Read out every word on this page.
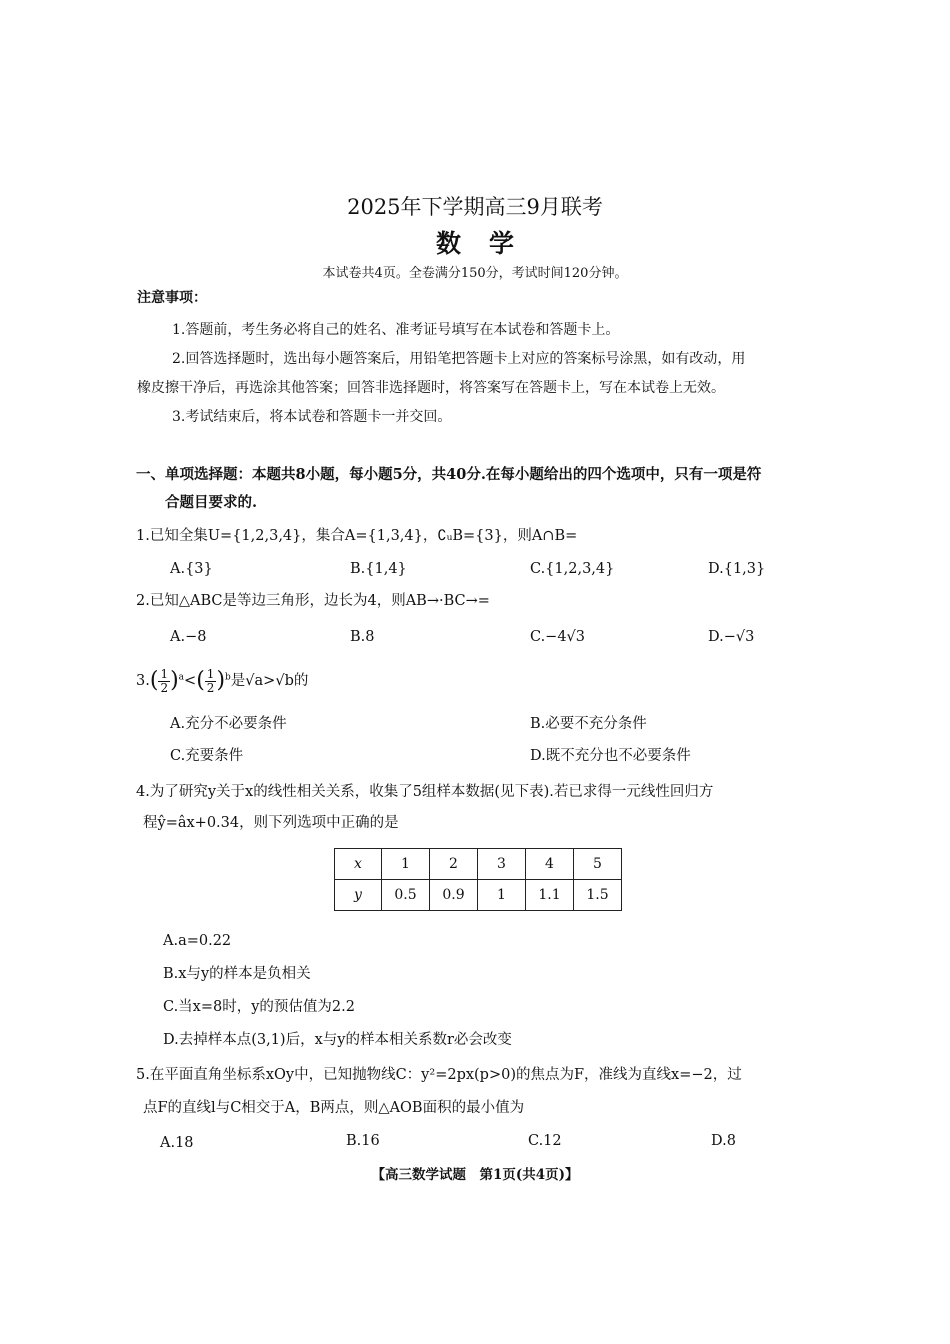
2025年下学期高三9月联考
数学
本试卷共4页。全卷满分150分，考试时间120分钟。
注意事项：
1.答题前，考生务必将自己的姓名、准考证号填写在本试卷和答题卡上。
2.回答选择题时，选出每小题答案后，用铅笔把答题卡上对应的答案标号涂黑，如有改动，用
橡皮擦干净后，再选涂其他答案；回答非选择题时，将答案写在答题卡上，写在本试卷上无效。
3.考试结束后，将本试卷和答题卡一并交回。
一、单项选择题：本题共8小题，每小题5分，共40分.在每小题给出的四个选项中，只有一项是符
合题目要求的.
1.已知全集U={1,2,3,4}，集合A={1,3,4}，∁ᵤB={3}，则A∩B=
A.{3}	B.{1,4}	C.{1,2,3,4}	D.{1,3}
2.已知△ABC是等边三角形，边长为4，则AB→·BC→=
A.−8	B.8	C.−4√3	D.−√3
$3.( \frac{1}{2} )^a<( \frac{1}{2} )^b$是√a>√b的
A.充分不必要条件	B.必要不充分条件
C.充要条件	D.既不充分也不必要条件
4.为了研究y关于x的线性相关关系，收集了5组样本数据(见下表).若已求得一元线性回归方
程ŷ=âx+0.34，则下列选项中正确的是
x	1	2	3	4	5
y	0.5	0.9	1	1.1	1.5
A.a=0.22
B.x与y的样本是负相关
C.当x=8时，y的预估值为2.2
D.去掉样本点(3,1)后，x与y的样本相关系数r必会改变
5.在平面直角坐标系xOy中，已知抛物线C：y²=2px(p>0)的焦点为F，准线为直线x=−2，过
点F的直线l与C相交于A，B两点，则△AOB面积的最小值为
A.18	B.16	C.12	D.8
【高三数学试题　第1页(共4页)】
